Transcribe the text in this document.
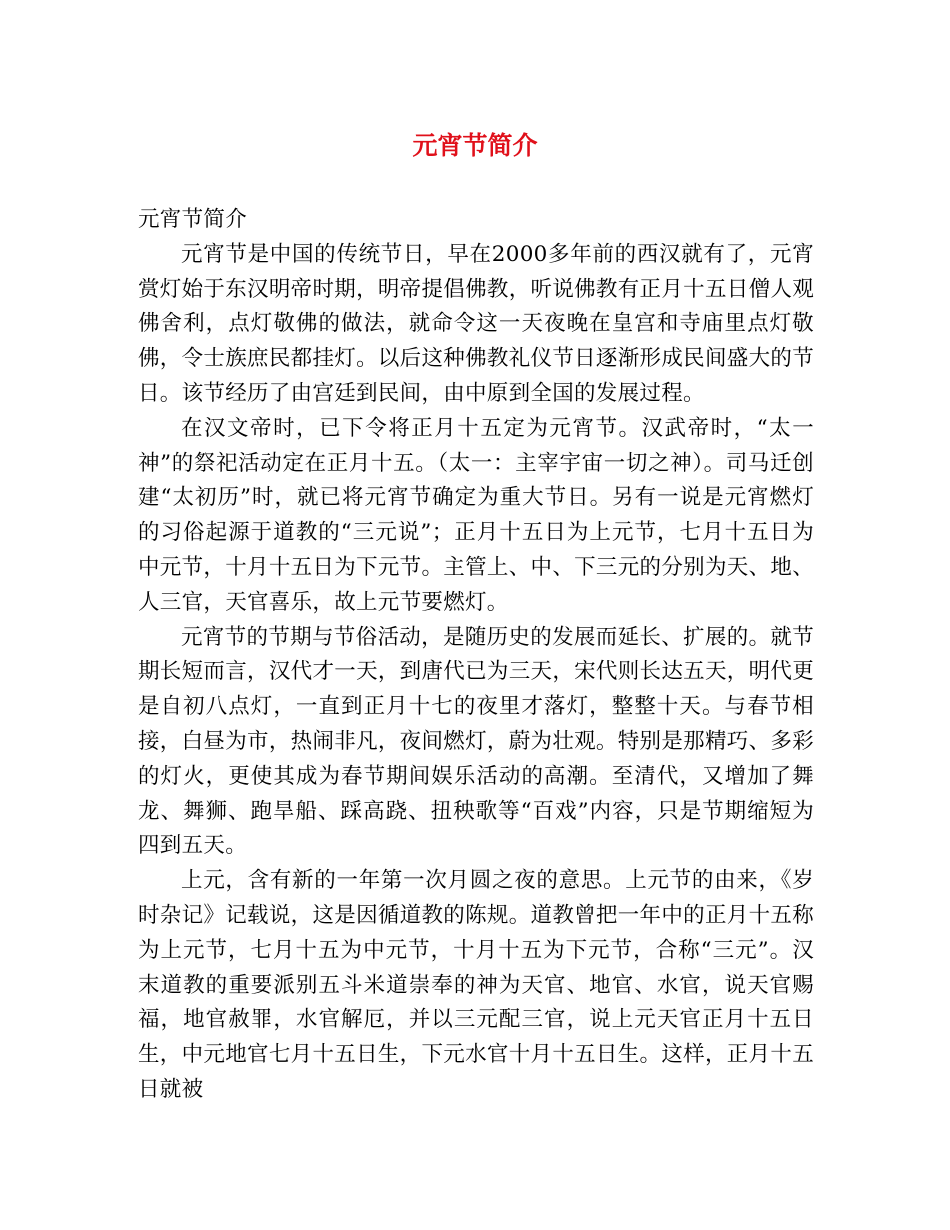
元宵节简介

元宵节简介

元宵节是中国的传统节日，早在2000多年前的西汉就有了，元宵赏灯始于东汉明帝时期，明帝提倡佛教，听说佛教有正月十五日僧人观佛舍利，点灯敬佛的做法，就命令这一天夜晚在皇宫和寺庙里点灯敬佛，令士族庶民都挂灯。以后这种佛教礼仪节日逐渐形成民间盛大的节日。该节经历了由宫廷到民间，由中原到全国的发展过程。

在汉文帝时，已下令将正月十五定为元宵节。汉武帝时，“太一神”的祭祀活动定在正月十五。（太一：主宰宇宙一切之神）。司马迁创建“太初历”时，就已将元宵节确定为重大节日。另有一说是元宵燃灯的习俗起源于道教的“三元说”；正月十五日为上元节，七月十五日为中元节，十月十五日为下元节。主管上、中、下三元的分别为天、地、人三官，天官喜乐，故上元节要燃灯。

元宵节的节期与节俗活动，是随历史的发展而延长、扩展的。就节期长短而言，汉代才一天，到唐代已为三天，宋代则长达五天，明代更是自初八点灯，一直到正月十七的夜里才落灯，整整十天。与春节相接，白昼为市，热闹非凡，夜间燃灯，蔚为壮观。特别是那精巧、多彩的灯火，更使其成为春节期间娱乐活动的高潮。至清代，又增加了舞龙、舞狮、跑旱船、踩高跷、扭秧歌等“百戏”内容，只是节期缩短为四到五天。

上元，含有新的一年第一次月圆之夜的意思。上元节的由来，《岁时杂记》记载说，这是因循道教的陈规。道教曾把一年中的正月十五称为上元节，七月十五为中元节，十月十五为下元节，合称“三元”。汉末道教的重要派别五斗米道崇奉的神为天官、地官、水官，说天官赐福，地官赦罪，水官解厄，并以三元配三官，说上元天官正月十五日生，中元地官七月十五日生，下元水官十月十五日生。这样，正月十五日就被
